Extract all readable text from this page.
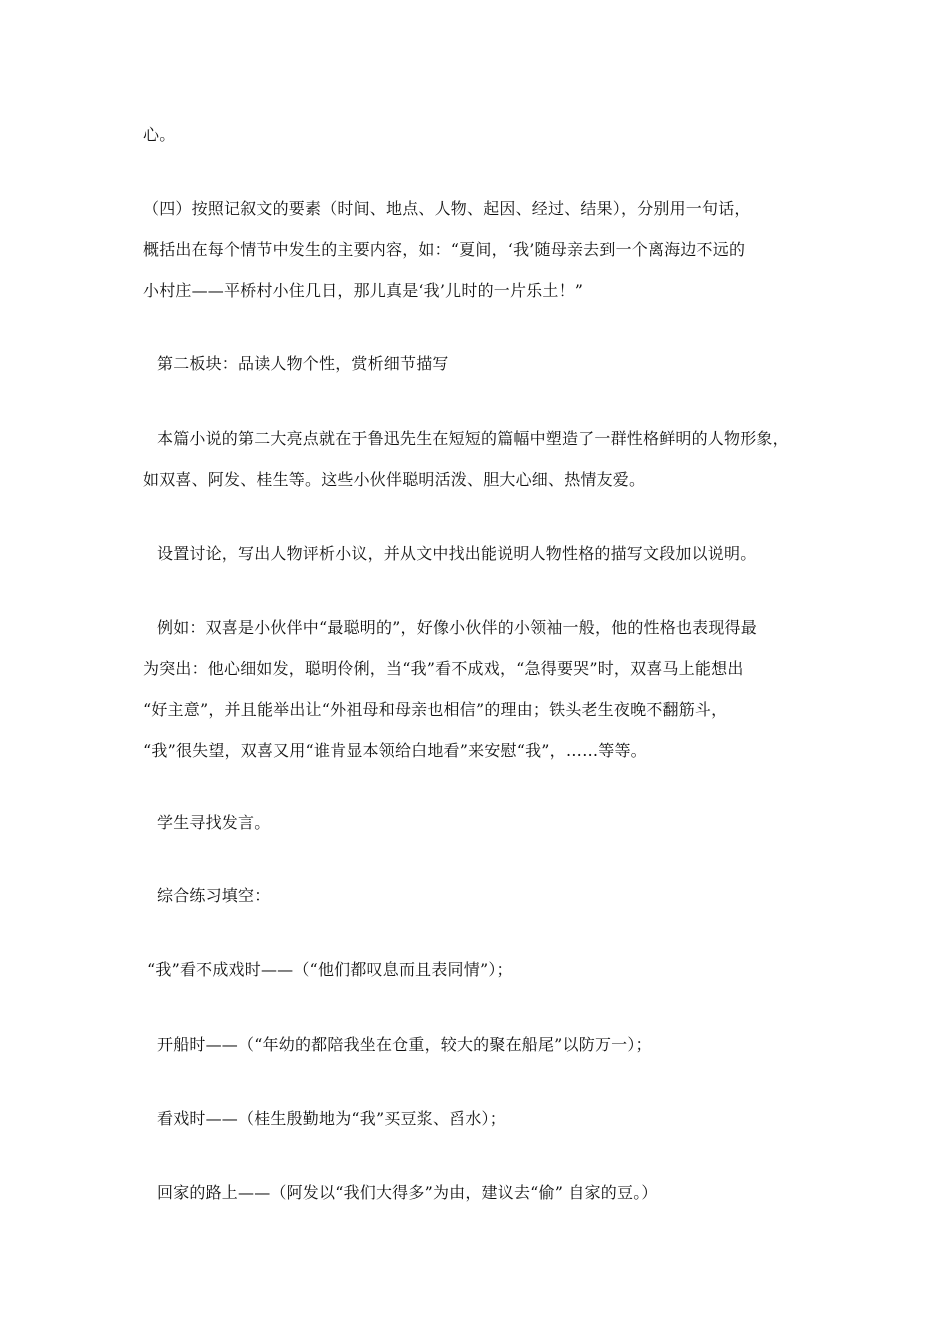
心。
（四）按照记叙文的要素（时间、地点、人物、起因、经过、结果），分别用一句话，
概括出在每个情节中发生的主要内容，如：“夏间，‘我’随母亲去到一个离海边不远的
小村庄——平桥村小住几日，那儿真是‘我’儿时的一片乐土！”
第二板块：品读人物个性，赏析细节描写
本篇小说的第二大亮点就在于鲁迅先生在短短的篇幅中塑造了一群性格鲜明的人物形象，
如双喜、阿发、桂生等。这些小伙伴聪明活泼、胆大心细、热情友爱。
设置讨论，写出人物评析小议，并从文中找出能说明人物性格的描写文段加以说明。
例如：双喜是小伙伴中“最聪明的”，好像小伙伴的小领袖一般，他的性格也表现得最
为突出：他心细如发，聪明伶俐，当“我”看不成戏，“急得要哭”时，双喜马上能想出
“好主意”，并且能举出让“外祖母和母亲也相信”的理由；铁头老生夜晚不翻筋斗，
“我”很失望，双喜又用“谁肯显本领给白地看”来安慰“我”，……等等。
学生寻找发言。
综合练习填空：
“我”看不成戏时——（“他们都叹息而且表同情”）；
开船时——（“年幼的都陪我坐在仓重，较大的聚在船尾”以防万一）；
看戏时——（桂生殷勤地为“我”买豆浆、舀水）；
回家的路上——（阿发以“我们大得多”为由，建议去“偷” 自家的豆。）
